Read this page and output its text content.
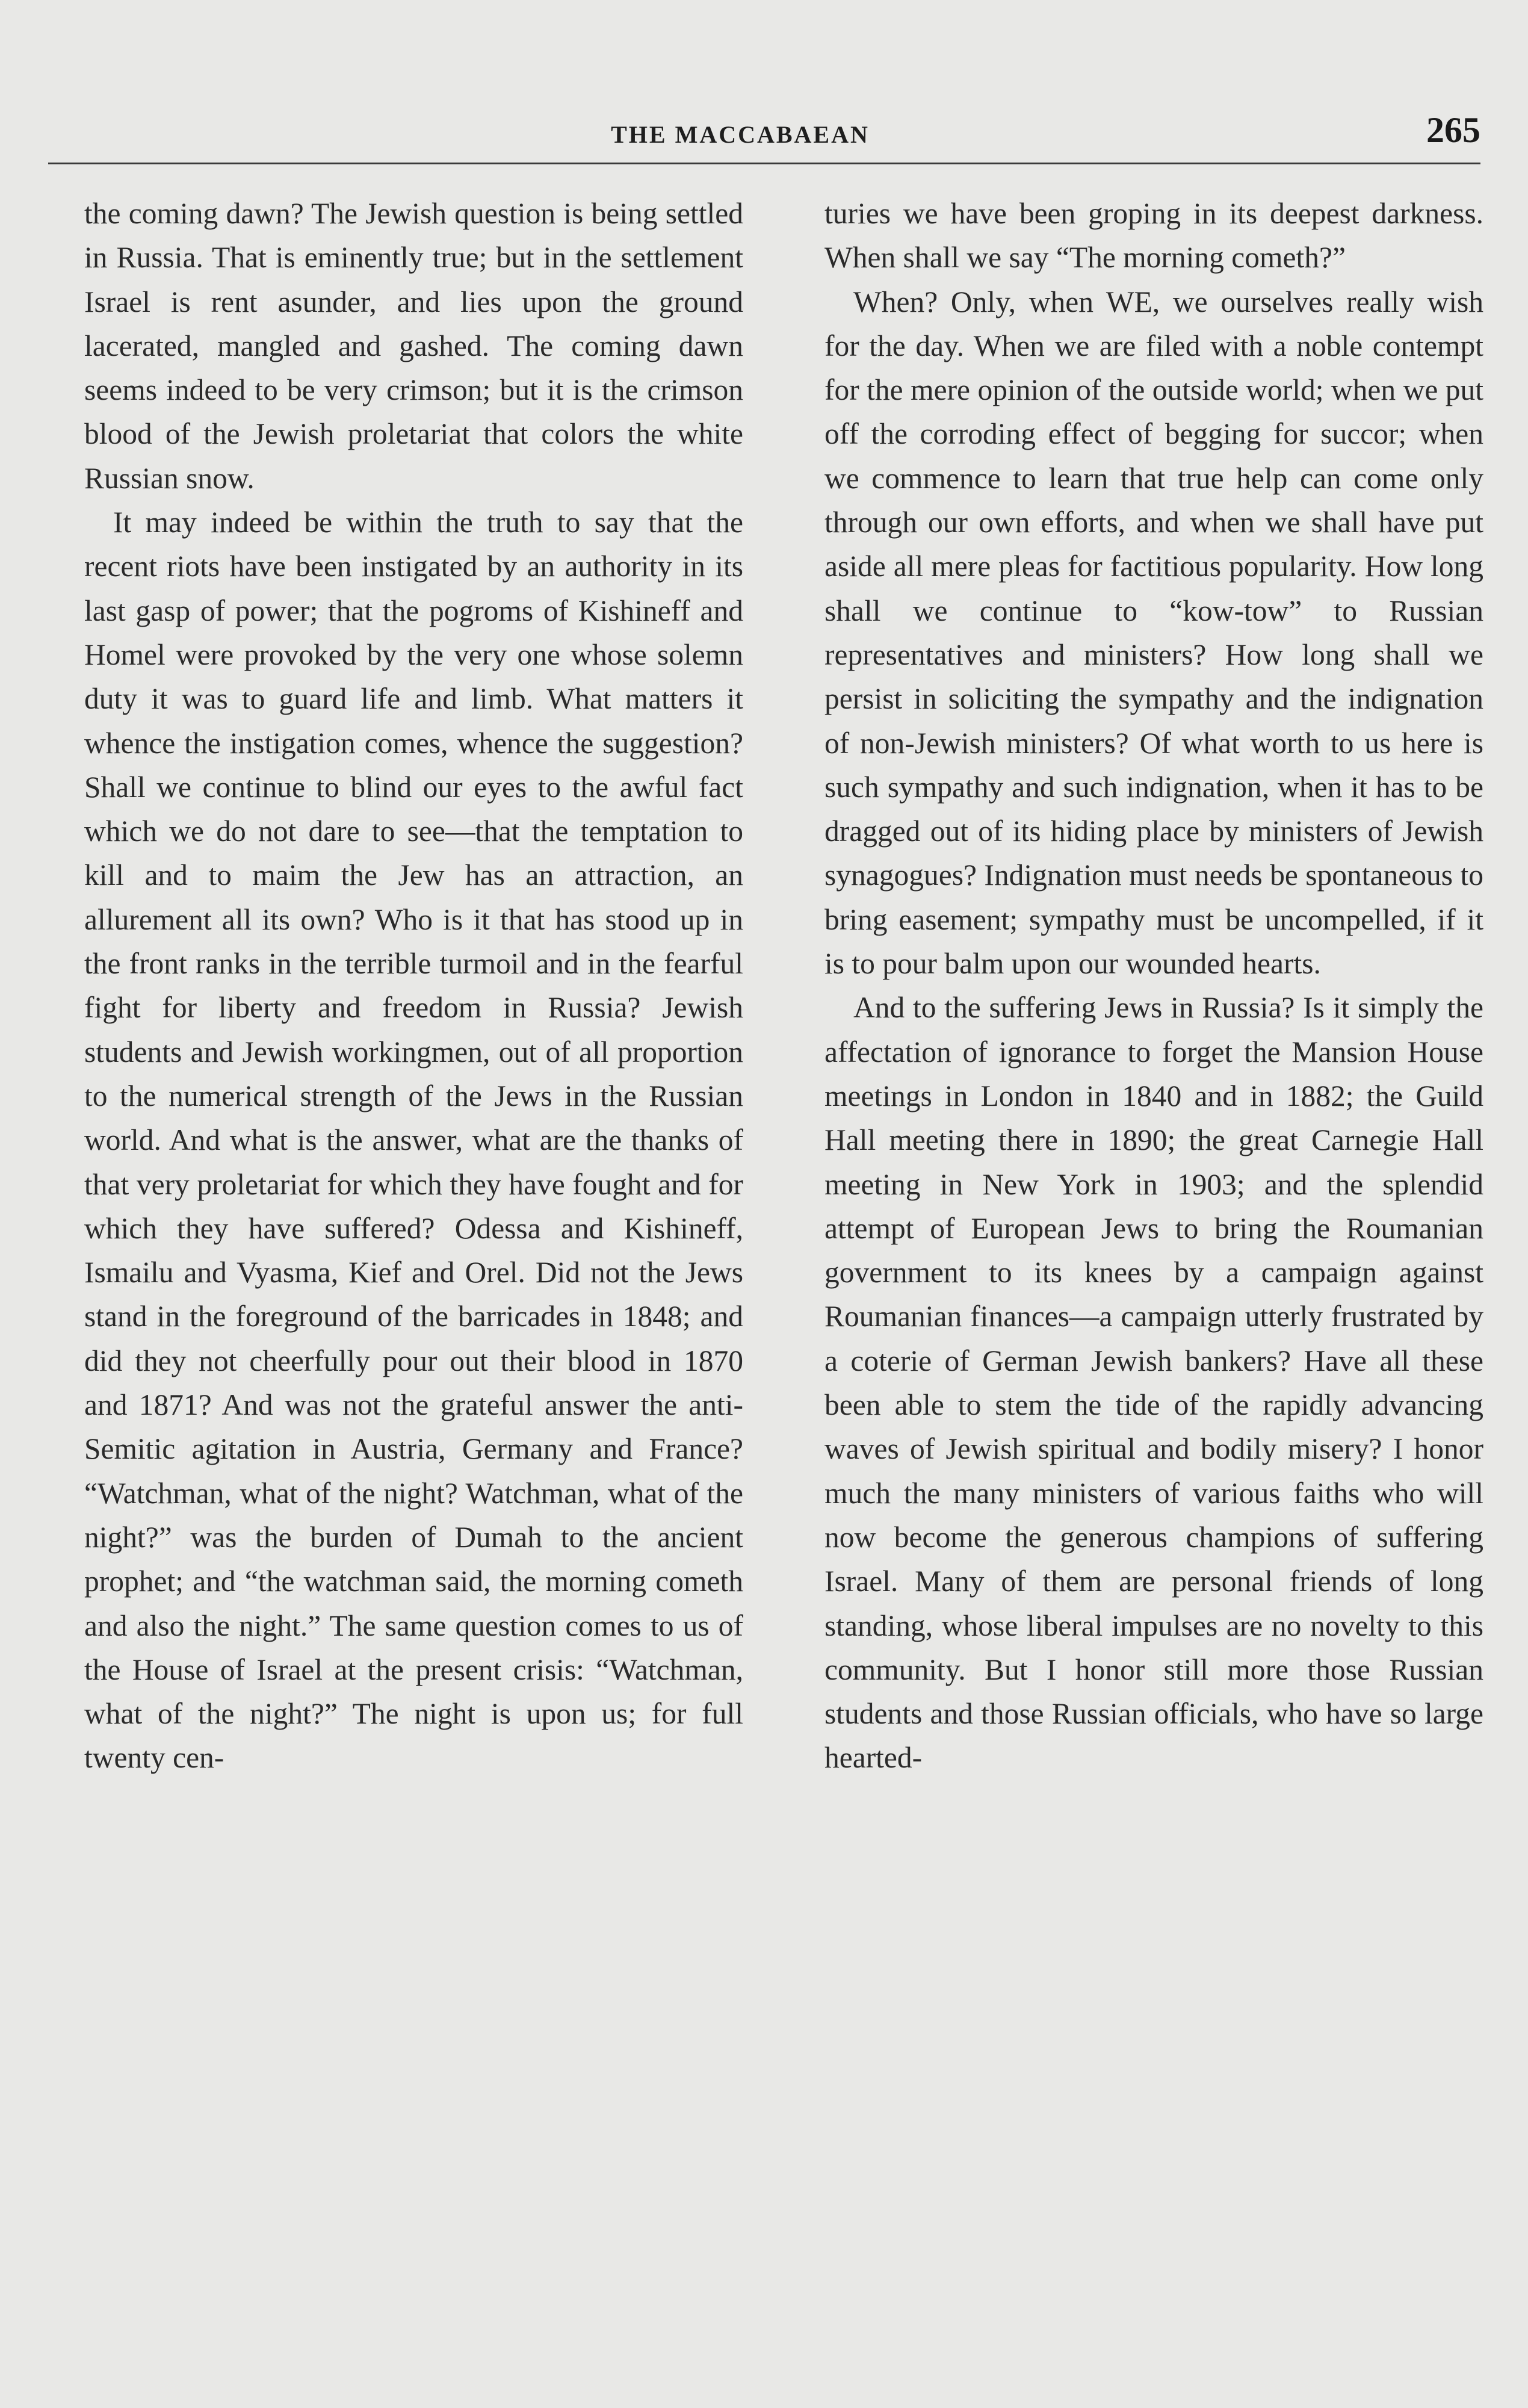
THE MACCABAEAN	265

the coming dawn? The Jewish question is being settled in Russia. That is eminently true; but in the settlement Israel is rent asunder, and lies upon the ground lacerated, mangled and gashed. The coming dawn seems indeed to be very crimson; but it is the crimson blood of the Jewish proletariat that colors the white Russian snow.

It may indeed be within the truth to say that the recent riots have been instigated by an authority in its last gasp of power; that the pogroms of Kishineff and Homel were provoked by the very one whose solemn duty it was to guard life and limb. What matters it whence the instigation comes, whence the suggestion? Shall we continue to blind our eyes to the awful fact which we do not dare to see—that the temptation to kill and to maim the Jew has an attraction, an allurement all its own? Who is it that has stood up in the front ranks in the terrible turmoil and in the fearful fight for liberty and freedom in Russia? Jewish students and Jewish workingmen, out of all proportion to the numerical strength of the Jews in the Russian world. And what is the answer, what are the thanks of that very proletariat for which they have fought and for which they have suffered? Odessa and Kishineff, Ismailu and Vyasma, Kief and Orel. Did not the Jews stand in the foreground of the barricades in 1848; and did they not cheerfully pour out their blood in 1870 and 1871? And was not the grateful answer the anti-Semitic agitation in Austria, Germany and France? “Watchman, what of the night? Watchman, what of the night?” was the burden of Dumah to the ancient prophet; and “the watchman said, the morning cometh and also the night.” The same question comes to us of the House of Israel at the present crisis: “Watchman, what of the night?” The night is upon us; for full twenty cen-

turies we have been groping in its deepest darkness. When shall we say “The morning cometh?”

When? Only, when WE, we ourselves really wish for the day. When we are filed with a noble contempt for the mere opinion of the outside world; when we put off the corroding effect of begging for succor; when we commence to learn that true help can come only through our own efforts, and when we shall have put aside all mere pleas for factitious popularity. How long shall we continue to “kow-tow” to Russian representatives and ministers? How long shall we persist in soliciting the sympathy and the indignation of non-Jewish ministers? Of what worth to us here is such sympathy and such indignation, when it has to be dragged out of its hiding place by ministers of Jewish synagogues? Indignation must needs be spontaneous to bring easement; sympathy must be uncompelled, if it is to pour balm upon our wounded hearts.

And to the suffering Jews in Russia? Is it simply the affectation of ignorance to forget the Mansion House meetings in London in 1840 and in 1882; the Guild Hall meeting there in 1890; the great Carnegie Hall meeting in New York in 1903; and the splendid attempt of European Jews to bring the Roumanian government to its knees by a campaign against Roumanian finances—a campaign utterly frustrated by a coterie of German Jewish bankers? Have all these been able to stem the tide of the rapidly advancing waves of Jewish spiritual and bodily misery? I honor much the many ministers of various faiths who will now become the generous champions of suffering Israel. Many of them are personal friends of long standing, whose liberal impulses are no novelty to this community. But I honor still more those Russian students and those Russian officials, who have so large hearted-
